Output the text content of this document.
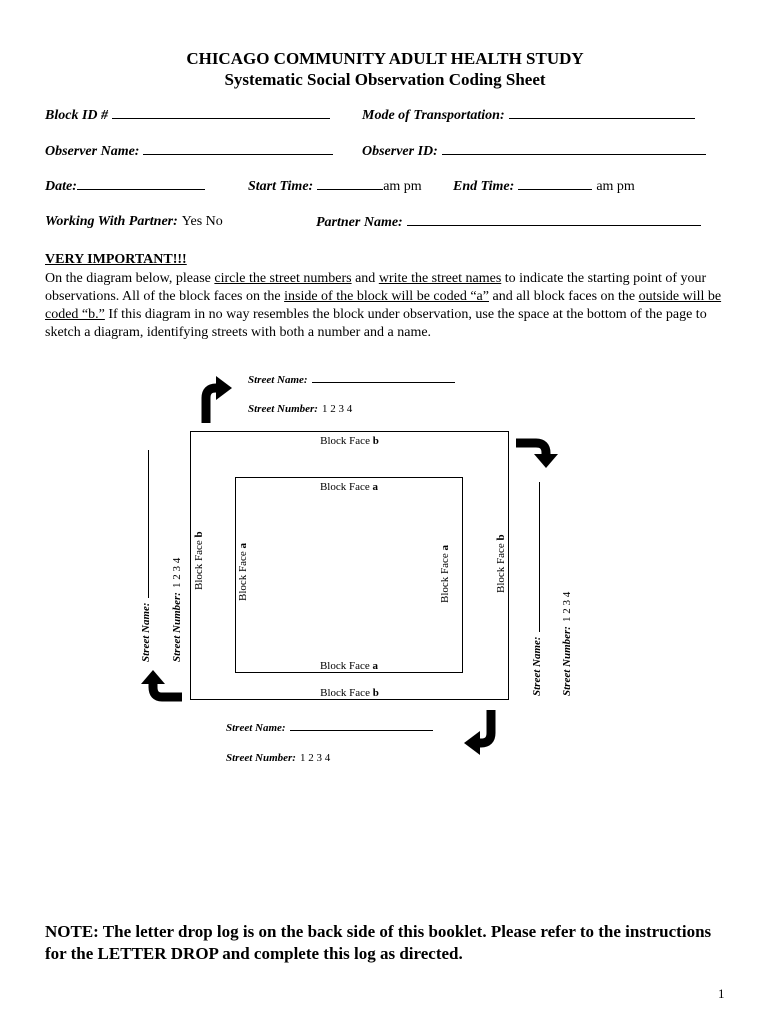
CHICAGO COMMUNITY ADULT HEALTH STUDY
Systematic Social Observation Coding Sheet
Block ID #	Mode of Transportation:
Observer Name:	Observer ID:
Date:	Start Time:	am pm End Time:	am pm
Working With Partner: Yes No	Partner Name:
VERY IMPORTANT!!!
On the diagram below, please circle the street numbers and write the street names to indicate the starting point of your observations. All of the block faces on the inside of the block will be coded “a” and all block faces on the outside will be coded “b.” If this diagram in no way resembles the block under observation, use the space at the bottom of the page to sketch a diagram, identifying streets with both a number and a name.
Street Name:
Street Number: 1 2 3 4
Street Name:
Street Number: 1 2 3 4
Street Name:	Street Number: 1 2 3 4
Street Name:	Street Number: 1 2 3 4
Block Face b
Block Face b
Block Face b
Block Face b
Block Face a
Block Face a
Block Face a
Block Face a
NOTE: The letter drop log is on the back side of this booklet. Please refer to the instructions for the LETTER DROP and complete this log as directed.
1
